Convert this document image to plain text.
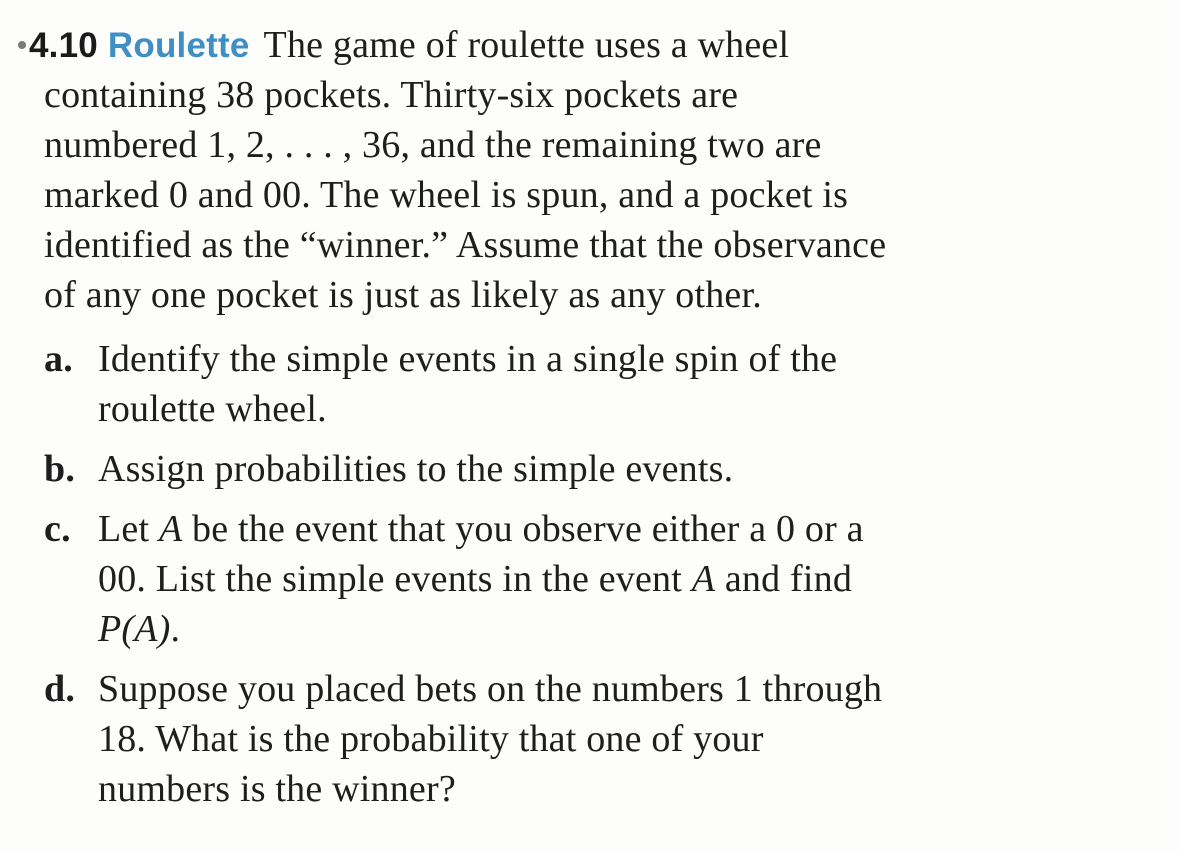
4.10 Roulette The game of roulette uses a wheel
containing 38 pockets. Thirty-six pockets are
numbered 1, 2, . . . , 36, and the remaining two are
marked 0 and 00. The wheel is spun, and a pocket is
identified as the “winner.” Assume that the observance
of any one pocket is just as likely as any other.
a. Identify the simple events in a single spin of the
roulette wheel.
b. Assign probabilities to the simple events.
c. Let A be the event that you observe either a 0 or a
00. List the simple events in the event A and find
P(A).
d. Suppose you placed bets on the numbers 1 through
18. What is the probability that one of your
numbers is the winner?
